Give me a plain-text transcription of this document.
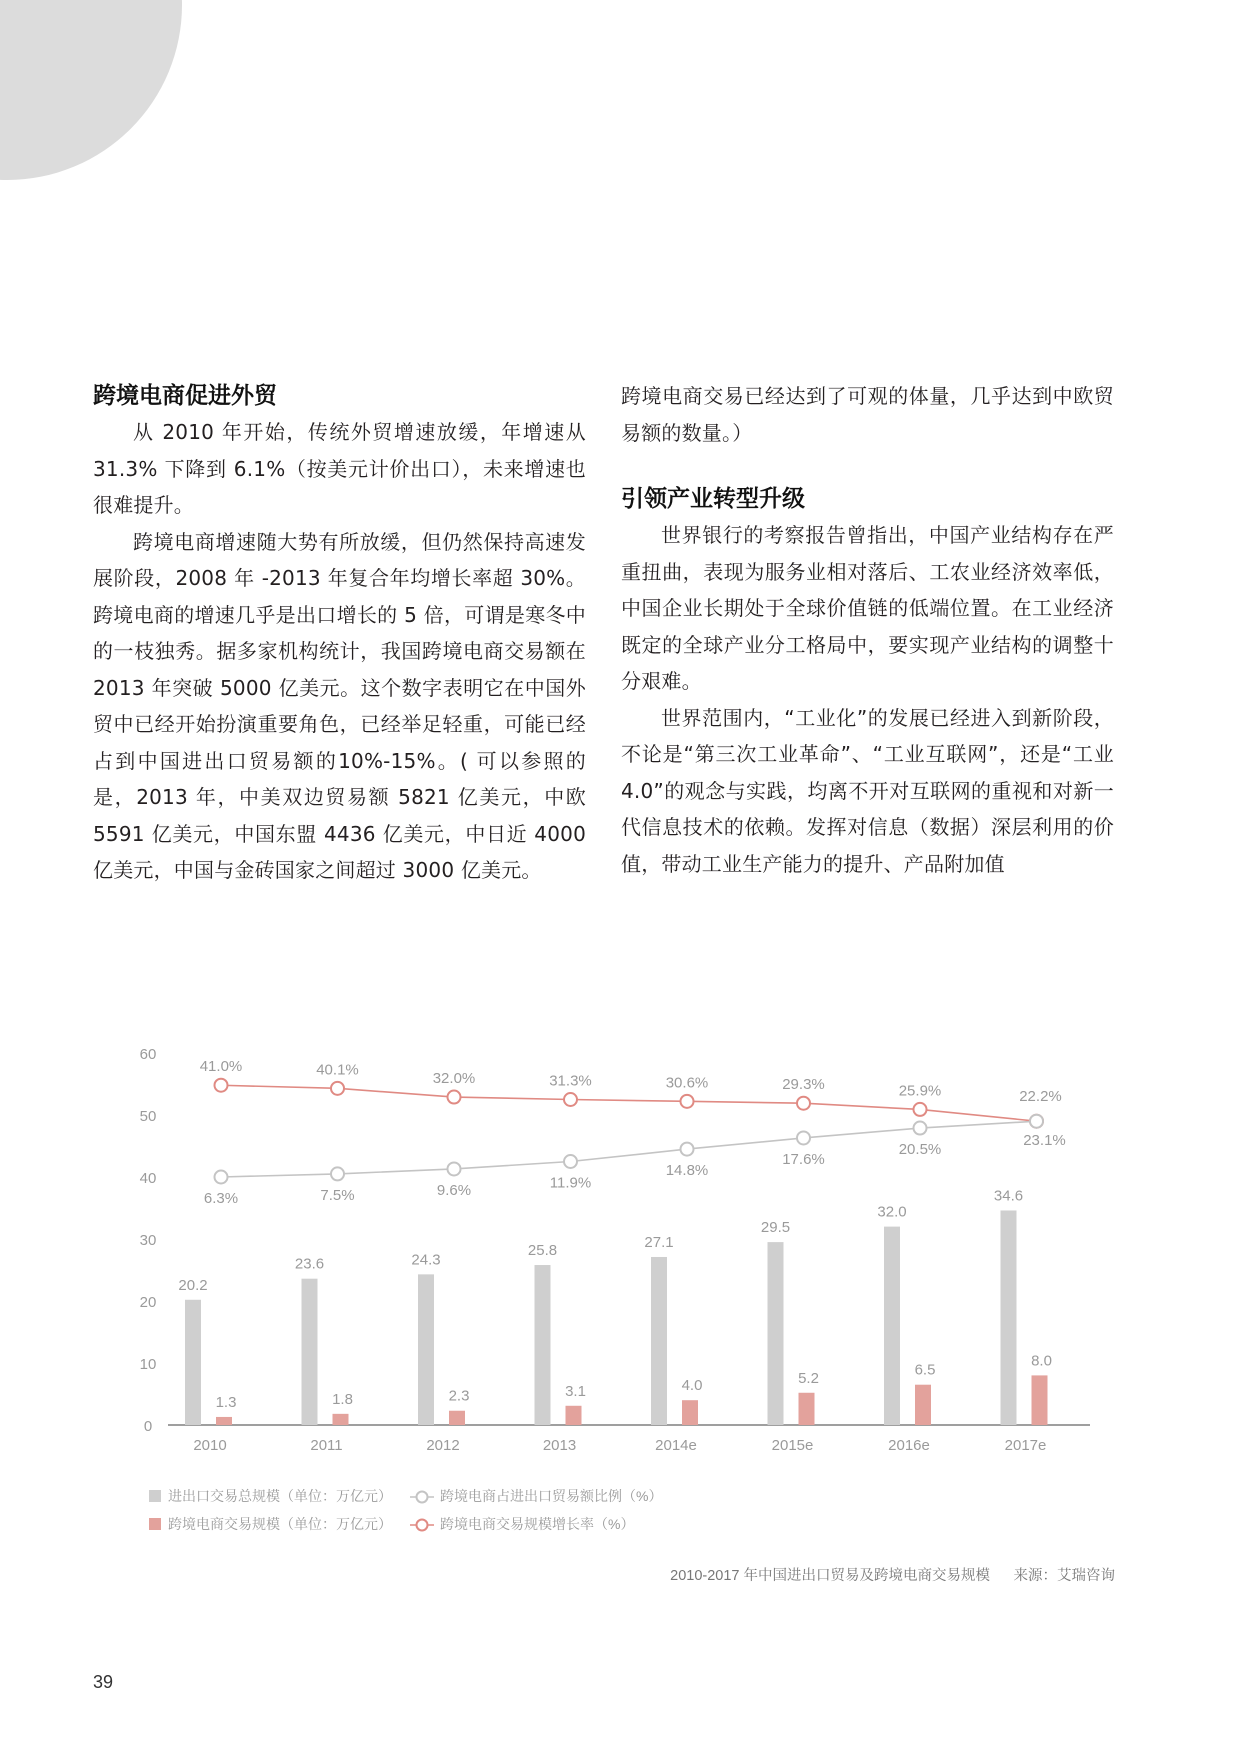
跨境电商促进外贸

从 2010 年开始，传统外贸增速放缓，年增速从 31.3% 下降到 6.1%（按美元计价出口），未来增速也很难提升。

跨境电商增速随大势有所放缓，但仍然保持高速发展阶段，2008 年 -2013 年复合年均增长率超 30%。跨境电商的增速几乎是出口增长的 5 倍，可谓是寒冬中的一枝独秀。据多家机构统计，我国跨境电商交易额在 2013 年突破 5000 亿美元。这个数字表明它在中国外贸中已经开始扮演重要角色，已经举足轻重，可能已经占到中国进出口贸易额的10%-15%。( 可以参照的是，2013 年，中美双边贸易额 5821 亿美元，中欧 5591 亿美元，中国东盟 4436 亿美元，中日近 4000 亿美元，中国与金砖国家之间超过 3000 亿美元。

跨境电商交易已经达到了可观的体量，几乎达到中欧贸易额的数量。）

引领产业转型升级

世界银行的考察报告曾指出，中国产业结构存在严重扭曲，表现为服务业相对落后、工农业经济效率低，中国企业长期处于全球价值链的低端位置。在工业经济既定的全球产业分工格局中，要实现产业结构的调整十分艰难。

世界范围内，“工业化”的发展已经进入到新阶段，不论是“第三次工业革命”、“工业互联网”，还是“工业 4.0”的观念与实践，均离不开对互联网的重视和对新一代信息技术的依赖。发挥对信息（数据）深层利用的价值，带动工业生产能力的提升、产品附加值

0
10
20
30
40
50
60
20.2
1.3
2010
23.6
1.8
2011
24.3
2.3
2012
25.8
3.1
2013
27.1
4.0
2014e
29.5
5.2
2015e
32.0
6.5
2016e
34.6
8.0
2017e
41.0%	40.1%
32.0%	31.3%	30.6%	29.3%	25.9%	22.2%
6.3%	7.5%	9.6%	11.9%
14.8%
17.6%
20.5%
23.1%
进出口交易总规模（单位：万亿元）
跨境电商交易规模（单位：万亿元）
跨境电商占进出口贸易额比例（%）
跨境电商交易规模增长率（%）
2010-2017 年中国进出口贸易及跨境电商交易规模 来源：艾瑞咨询
39
